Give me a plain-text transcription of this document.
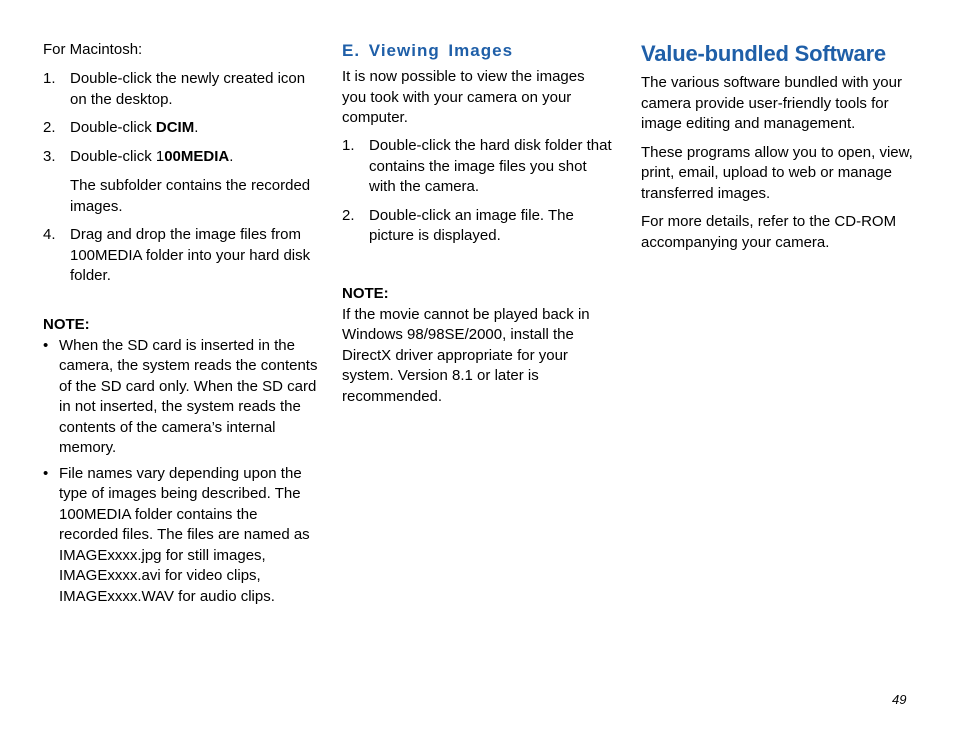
For Macintosh:

1. Double-click the newly created icon on the desktop.
2. Double-click DCIM.
3. Double-click 100MEDIA.

The subfolder contains the recorded images.

4. Drag and drop the image files from 100MEDIA folder into your hard disk folder.

NOTE:

• When the SD card is inserted in the camera, the system reads the contents of the SD card only. When the SD card in not inserted, the system reads the contents of the camera’s internal memory.
• File names vary depending upon the type of images being described. The 100MEDIA folder contains the recorded files. The files are named as IMAGExxxx.jpg for still images, IMAGExxxx.avi for video clips, IMAGExxxx.WAV for audio clips.

E. Viewing Images

It is now possible to view the images you took with your camera on your computer.

1. Double-click the hard disk folder that contains the image files you shot with the camera.
2. Double-click an image file. The picture is displayed.

NOTE:

If the movie cannot be played back in Windows 98/98SE/2000, install the DirectX driver appropriate for your system. Version 8.1 or later is recommended.

Value-bundled Software

The various software bundled with your camera provide user-friendly tools for image editing and management.

These programs allow you to open, view, print, email, upload to web or manage transferred images.

For more details, refer to the CD-ROM accompanying your camera.

49
